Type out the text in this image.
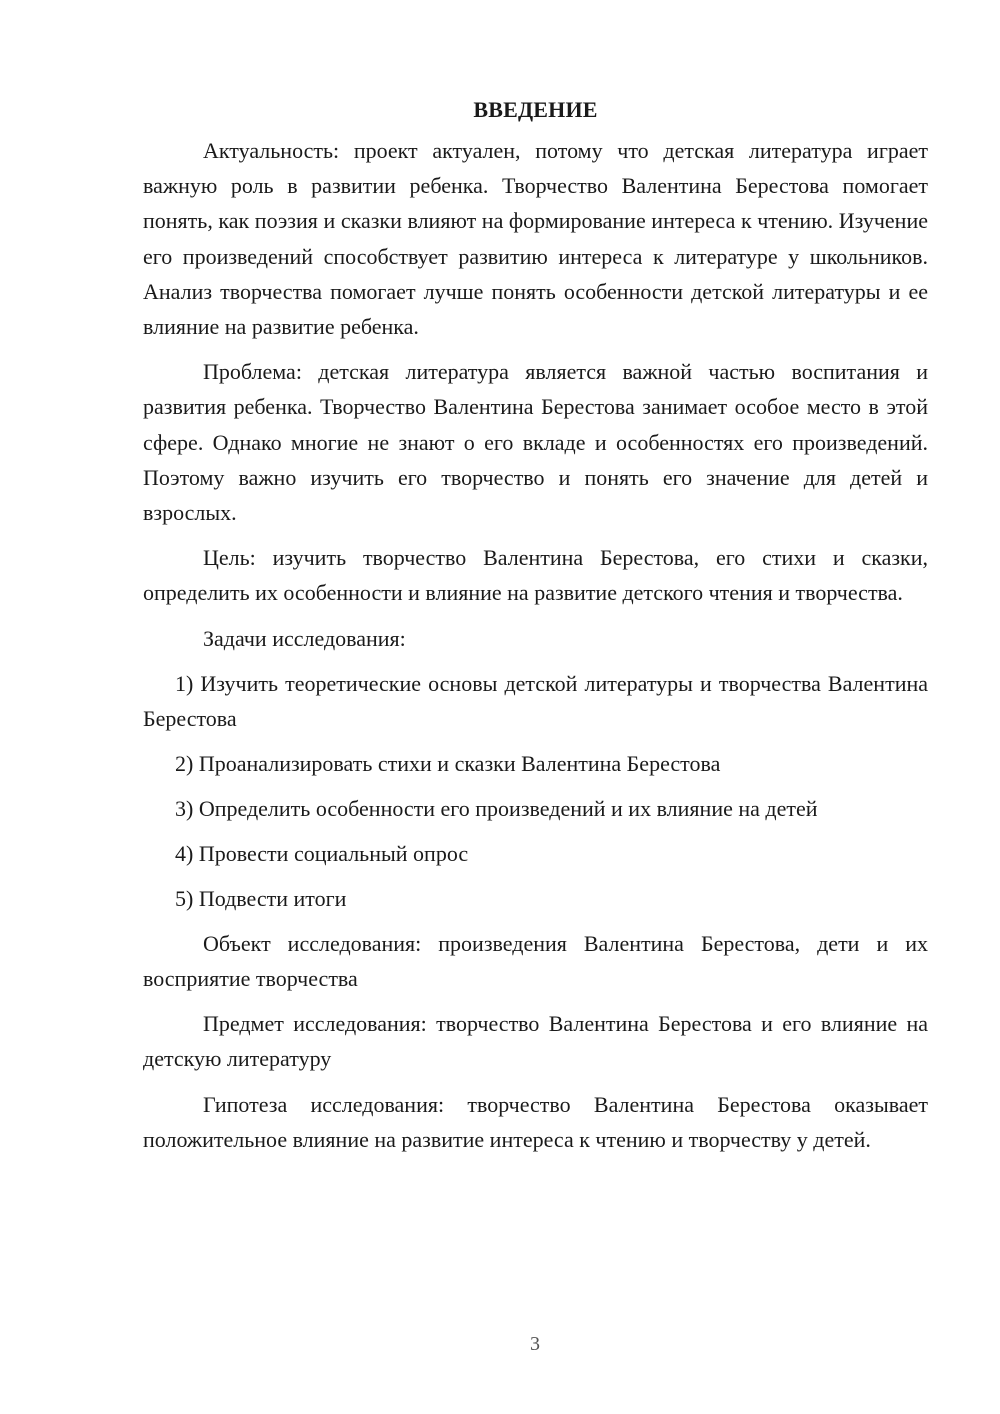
ВВЕДЕНИЕ

Актуальность: проект актуален, потому что детская литература играет важную роль в развитии ребенка. Творчество Валентина Берестова помогает понять, как поэзия и сказки влияют на формирование интереса к чтению. Изучение его произведений способствует развитию интереса к литературе у школьников. Анализ творчества помогает лучше понять особенности детской литературы и ее влияние на развитие ребенка.

Проблема: детская литература является важной частью воспитания и развития ребенка. Творчество Валентина Берестова занимает особое место в этой сфере. Однако многие не знают о его вкладе и особенностях его произведений. Поэтому важно изучить его творчество и понять его значение для детей и взрослых.

Цель: изучить творчество Валентина Берестова, его стихи и сказки, определить их особенности и влияние на развитие детского чтения и творчества.

Задачи исследования:

1) Изучить теоретические основы детской литературы и творчества Валентина Берестова

2) Проанализировать стихи и сказки Валентина Берестова

3) Определить особенности его произведений и их влияние на детей

4) Провести социальный опрос

5) Подвести итоги

Объект исследования: произведения Валентина Берестова, дети и их восприятие творчества

Предмет исследования: творчество Валентина Берестова и его влияние на детскую литературу

Гипотеза исследования: творчество Валентина Берестова оказывает положительное влияние на развитие интереса к чтению и творчеству у детей.

3
